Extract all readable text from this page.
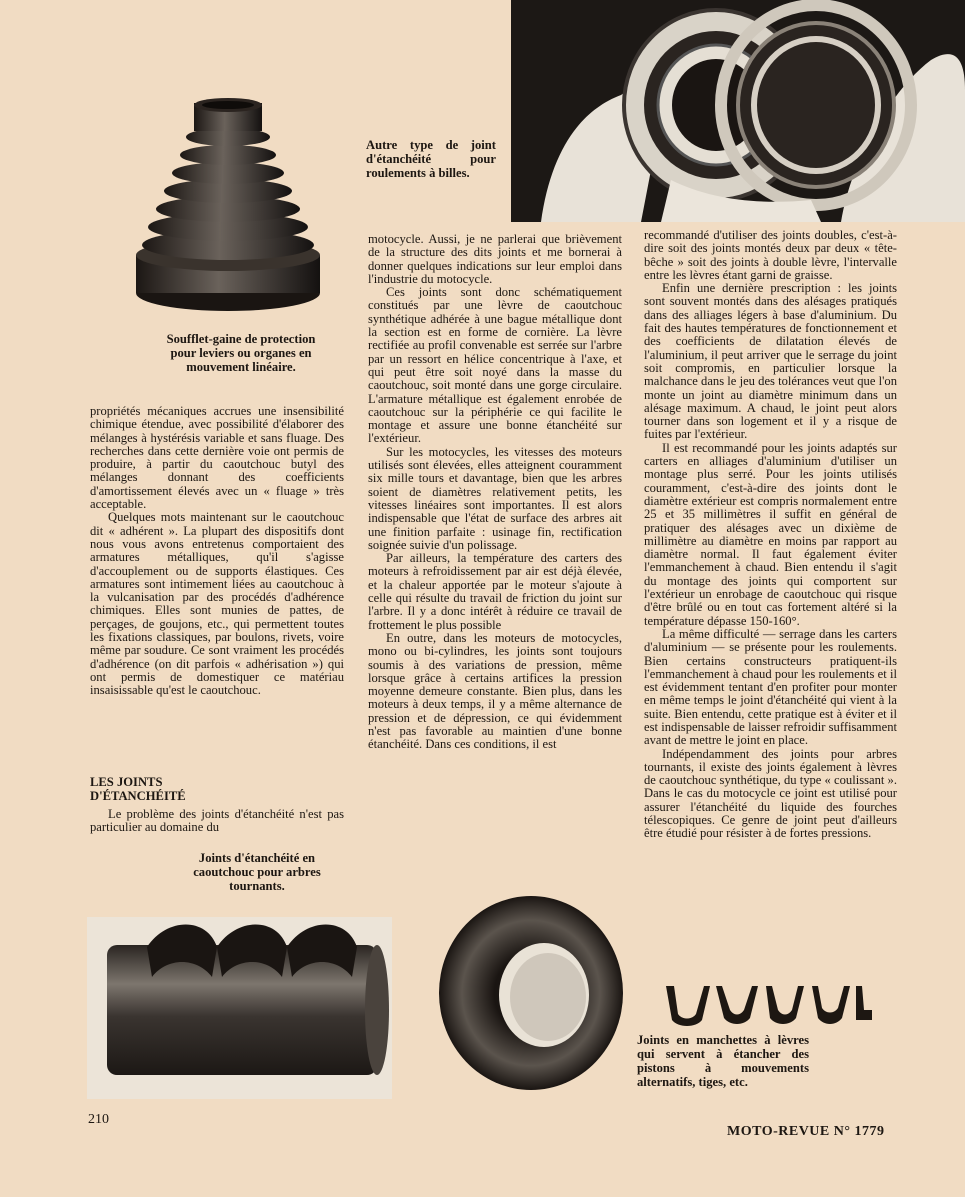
Autre type de joint d'étanchéité pour roulements à billes.
Soufflet-gaine de protection pour leviers ou organes en mouvement linéaire.
Joints d'étanchéité en caoutchouc pour arbres tournants.
Joints en manchettes à lèvres qui servent à étancher des pistons à mouvements alternatifs, tiges, etc.

propriétés mécaniques accrues une insensibilité chimique étendue, avec possibilité d'élaborer des mélanges à hystérésis variable et sans fluage. Des recherches dans cette dernière voie ont permis de produire, à partir du caoutchouc butyl des mélanges donnant des coefficients d'amortissement élevés avec un « fluage » très acceptable.

Quelques mots maintenant sur le caoutchouc dit « adhérent ». La plupart des dispositifs dont nous vous avons entretenus comportaient des armatures métalliques, qu'il s'agisse d'accouplement ou de supports élastiques. Ces armatures sont intimement liées au caoutchouc à la vulcanisation par des procédés d'adhérence chimiques. Elles sont munies de pattes, de perçages, de goujons, etc., qui permettent toutes les fixations classiques, par boulons, rivets, voire même par soudure. Ce sont vraiment les procédés d'adhérence (on dit parfois « adhérisation ») qui ont permis de domestiquer ce matériau insaisissable qu'est le caoutchouc.

LES JOINTS D'ÉTANCHÉITÉ

Le problème des joints d'étanchéité n'est pas particulier au domaine du

motocycle. Aussi, je ne parlerai que brièvement de la structure des dits joints et me bornerai à donner quelques indications sur leur emploi dans l'industrie du motocycle.

Ces joints sont donc schématiquement constitués par une lèvre de caoutchouc synthétique adhérée à une bague métallique dont la section est en forme de cornière. La lèvre rectifiée au profil convenable est serrée sur l'arbre par un ressort en hélice concentrique à l'axe, et qui peut être soit noyé dans la masse du caoutchouc, soit monté dans une gorge circulaire. L'armature métallique est également enrobée de caoutchouc sur la périphérie ce qui facilite le montage et assure une bonne étanchéité sur l'extérieur.

Sur les motocycles, les vitesses des moteurs utilisés sont élevées, elles atteignent couramment six mille tours et davantage, bien que les arbres soient de diamètres relativement petits, les vitesses linéaires sont importantes. Il est alors indispensable que l'état de surface des arbres ait une finition parfaite : usinage fin, rectification soignée suivie d'un polissage.

Par ailleurs, la température des carters des moteurs à refroidissement par air est déjà élevée, et la chaleur apportée par le moteur s'ajoute à celle qui résulte du travail de friction du joint sur l'arbre. Il y a donc intérêt à réduire ce travail de frottement le plus possible

En outre, dans les moteurs de motocycles, mono ou bi-cylindres, les joints sont toujours soumis à des variations de pression, même lorsque grâce à certains artifices la pression moyenne demeure constante. Bien plus, dans les moteurs à deux temps, il y a même alternance de pression et de dépression, ce qui évidemment n'est pas favorable au maintien d'une bonne étanchéité. Dans ces conditions, il est

recommandé d'utiliser des joints doubles, c'est-à-dire soit des joints montés deux par deux « tête-bêche » soit des joints à double lèvre, l'intervalle entre les lèvres étant garni de graisse.

Enfin une dernière prescription : les joints sont souvent montés dans des alésages pratiqués dans des alliages légers à base d'aluminium. Du fait des hautes températures de fonctionnement et des coefficients de dilatation élevés de l'aluminium, il peut arriver que le serrage du joint soit compromis, en particulier lorsque la malchance dans le jeu des tolérances veut que l'on monte un joint au diamètre minimum dans un alésage maximum. A chaud, le joint peut alors tourner dans son logement et il y a risque de fuites par l'extérieur.

Il est recommandé pour les joints adaptés sur carters en alliages d'aluminium d'utiliser un montage plus serré. Pour les joints utilisés couramment, c'est-à-dire des joints dont le diamètre extérieur est compris normalement entre 25 et 35 millimètres il suffit en général de pratiquer des alésages avec un dixième de millimètre au diamètre en moins par rapport au diamètre normal. Il faut également éviter l'emmanchement à chaud. Bien entendu il s'agit du montage des joints qui comportent sur l'extérieur un enrobage de caoutchouc qui risque d'être brûlé ou en tout cas fortement altéré si la température dépasse 150-160°.

La même difficulté — serrage dans les carters d'aluminium — se présente pour les roulements. Bien certains constructeurs pratiquent-ils l'emmanchement à chaud pour les roulements et il est évidemment tentant d'en profiter pour monter en même temps le joint d'étanchéité qui vient à la suite. Bien entendu, cette pratique est à éviter et il est indispensable de laisser refroidir suffisamment avant de mettre le joint en place.

Indépendamment des joints pour arbres tournants, il existe des joints également à lèvres de caoutchouc synthétique, du type « coulissant ». Dans le cas du motocycle ce joint est utilisé pour assurer l'étanchéité du liquide des fourches télescopiques. Ce genre de joint peut d'ailleurs être étudié pour résister à de fortes pressions.

210
MOTO-REVUE N° 1779
